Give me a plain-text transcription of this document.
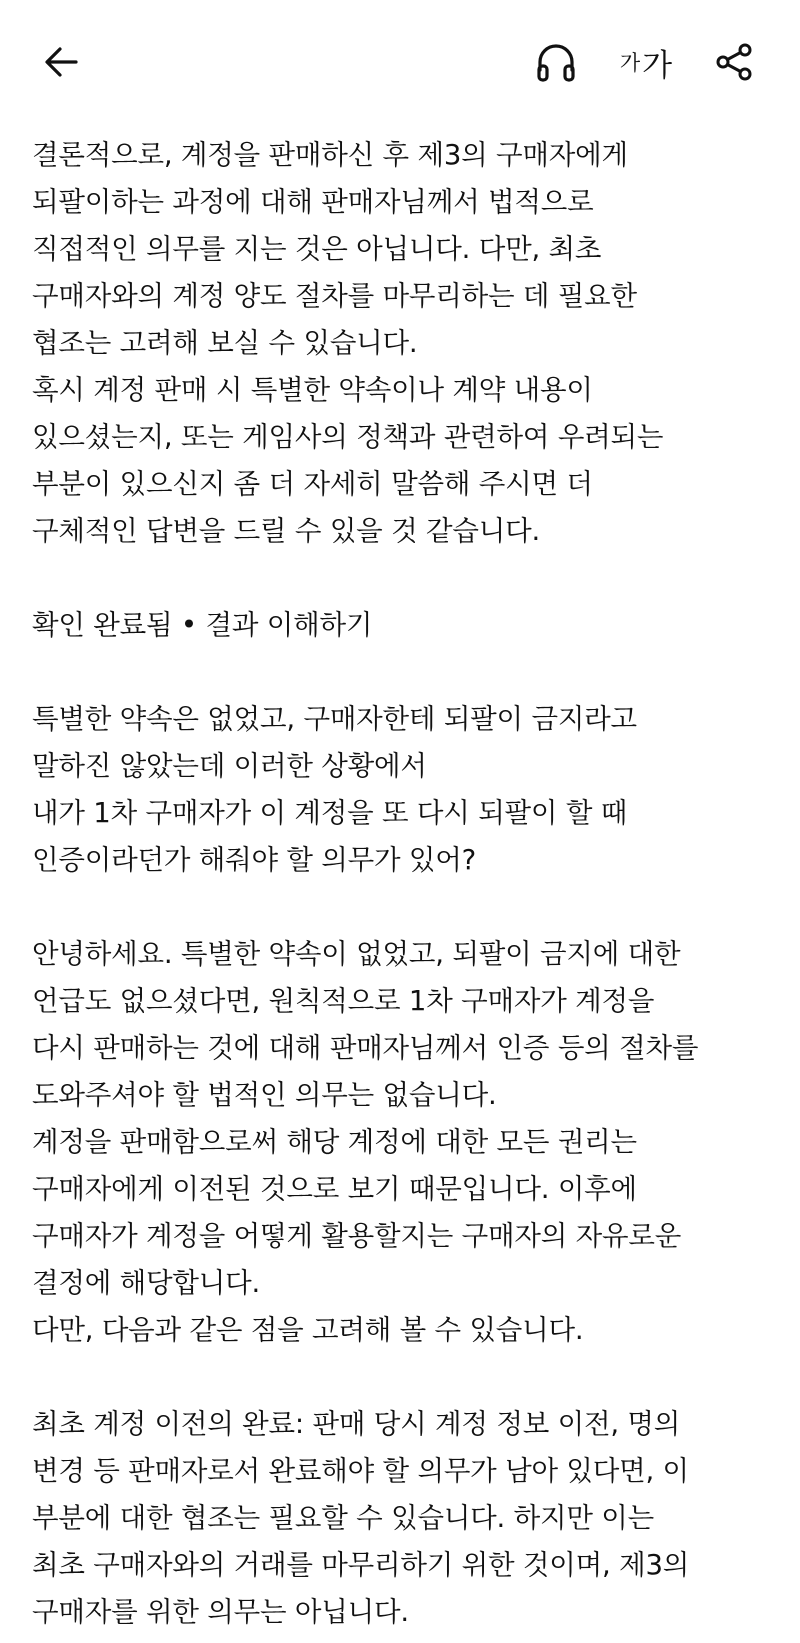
가 가
결론적으로, 계정을 판매하신 후 제3의 구매자에게
되팔이하는 과정에 대해 판매자님께서 법적으로
직접적인 의무를 지는 것은 아닙니다. 다만, 최초
구매자와의 계정 양도 절차를 마무리하는 데 필요한
협조는 고려해 보실 수 있습니다.
혹시 계정 판매 시 특별한 약속이나 계약 내용이
있으셨는지, 또는 게임사의 정책과 관련하여 우려되는
부분이 있으신지 좀 더 자세히 말씀해 주시면 더
구체적인 답변을 드릴 수 있을 것 같습니다.
확인 완료됨 • 결과 이해하기
특별한 약속은 없었고, 구매자한테 되팔이 금지라고
말하진 않았는데 이러한 상황에서
내가 1차 구매자가 이 계정을 또 다시 되팔이 할 때
인증이라던가 해줘야 할 의무가 있어?
안녕하세요. 특별한 약속이 없었고, 되팔이 금지에 대한
언급도 없으셨다면, 원칙적으로 1차 구매자가 계정을
다시 판매하는 것에 대해 판매자님께서 인증 등의 절차를
도와주셔야 할 법적인 의무는 없습니다.
계정을 판매함으로써 해당 계정에 대한 모든 권리는
구매자에게 이전된 것으로 보기 때문입니다. 이후에
구매자가 계정을 어떻게 활용할지는 구매자의 자유로운
결정에 해당합니다.
다만, 다음과 같은 점을 고려해 볼 수 있습니다.
최초 계정 이전의 완료: 판매 당시 계정 정보 이전, 명의
변경 등 판매자로서 완료해야 할 의무가 남아 있다면, 이
부분에 대한 협조는 필요할 수 있습니다. 하지만 이는
최초 구매자와의 거래를 마무리하기 위한 것이며, 제3의
구매자를 위한 의무는 아닙니다.
